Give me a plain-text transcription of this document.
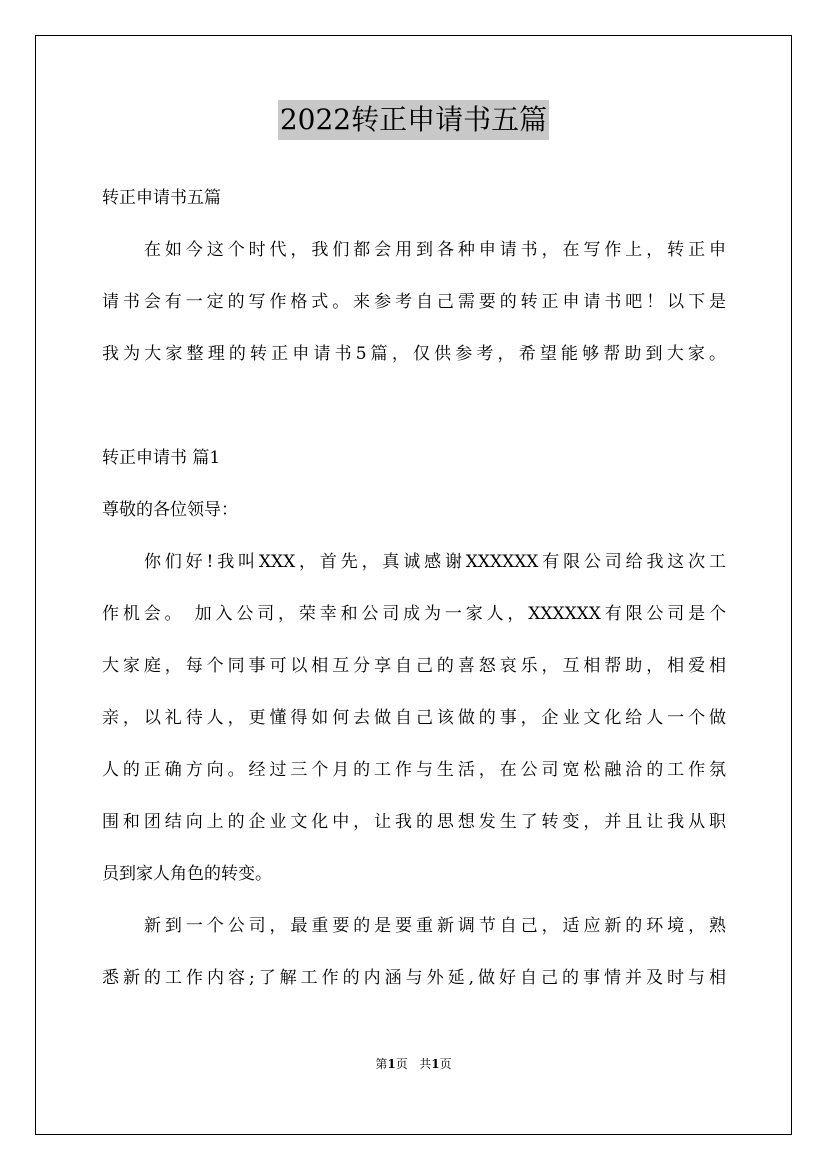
2022转正申请书五篇
转正申请书五篇
在如今这个时代，我们都会用到各种申请书，在写作上，转正申
请书会有一定的写作格式。来参考自己需要的转正申请书吧！以下是
我为大家整理的转正申请书5篇，仅供参考，希望能够帮助到大家。
转正申请书 篇1
尊敬的各位领导：
你们好!我叫XXX，首先，真诚感谢XXXXXX有限公司给我这次工
作机会。 加入公司，荣幸和公司成为一家人，XXXXXX有限公司是个
大家庭，每个同事可以相互分享自己的喜怒哀乐，互相帮助，相爱相
亲，以礼待人，更懂得如何去做自己该做的事，企业文化给人一个做
人的正确方向。经过三个月的工作与生活，在公司宽松融洽的工作氛
围和团结向上的企业文化中，让我的思想发生了转变，并且让我从职
员到家人角色的转变。
新到一个公司，最重要的是要重新调节自己，适应新的环境，熟
悉新的工作内容;了解工作的内涵与外延,做好自己的事情并及时与相
第1页 共1页
